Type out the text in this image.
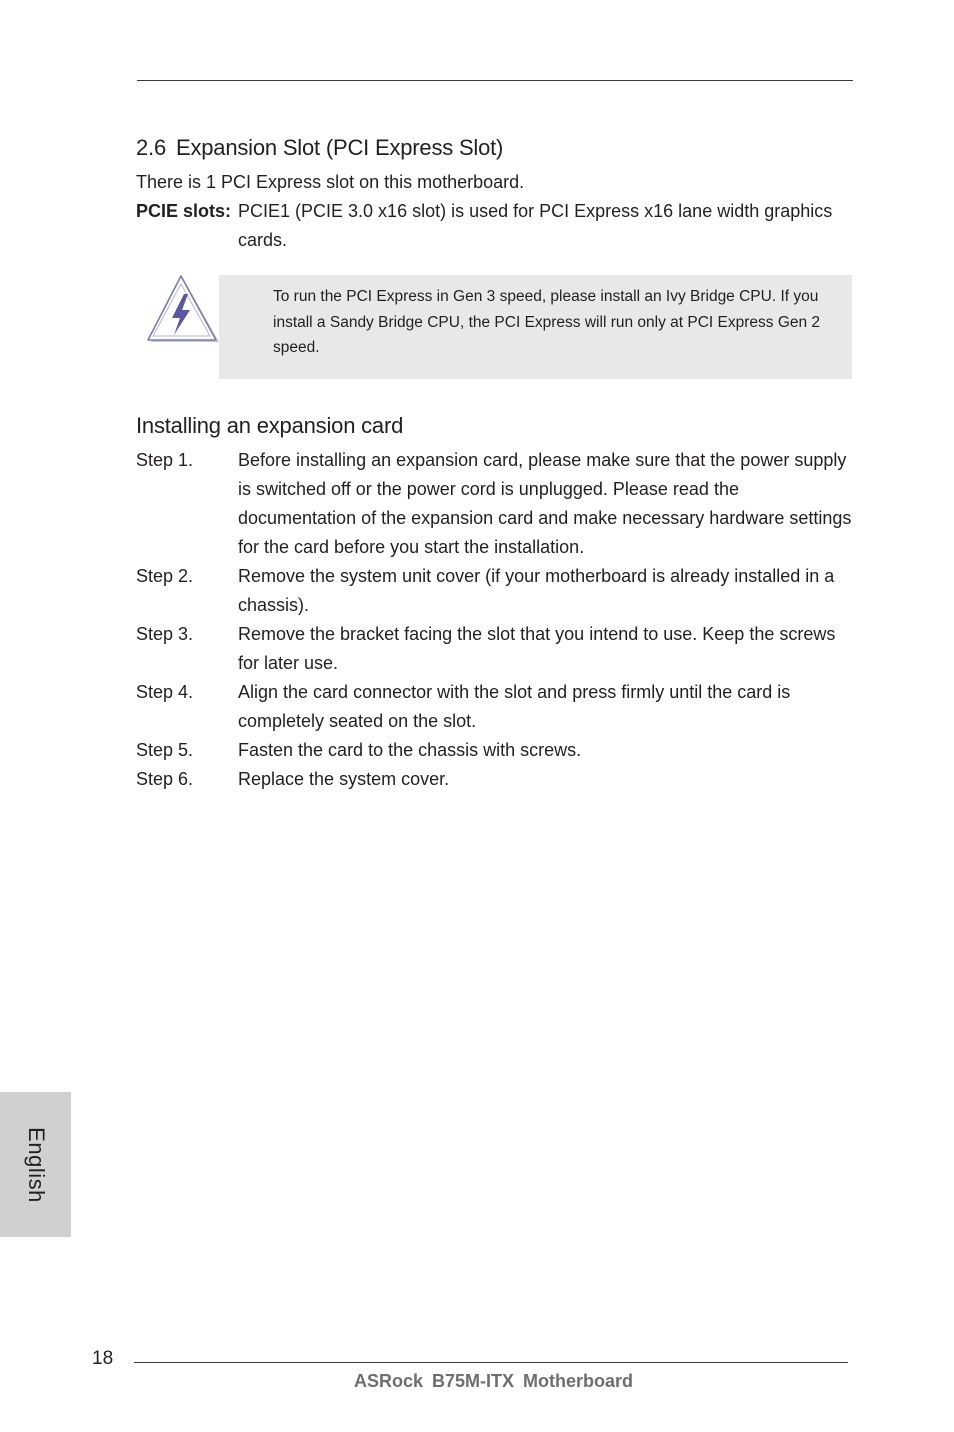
2.6 Expansion Slot (PCI Express Slot)
There is 1 PCI Express slot on this motherboard.
PCIE slots: PCIE1 (PCIE 3.0 x16 slot) is used for PCI Express x16 lane width graphics cards.
To run the PCI Express in Gen 3 speed, please install an Ivy Bridge CPU. If you install a Sandy Bridge CPU, the PCI Express will run only at PCI Express Gen 2 speed.
Installing an expansion card
Step 1.	Before installing an expansion card, please make sure that the power supply is switched off or the power cord is unplugged. Please read the documentation of the expansion card and make necessary hardware settings for the card before you start the installation.
Step 2.	Remove the system unit cover (if your motherboard is already installed in a chassis).
Step 3.	Remove the bracket facing the slot that you intend to use. Keep the screws for later use.
Step 4.	Align the card connector with the slot and press firmly until the card is completely seated on the slot.
Step 5.	Fasten the card to the chassis with screws.
Step 6.	Replace the system cover.
English
18
ASRock B75M-ITX Motherboard
